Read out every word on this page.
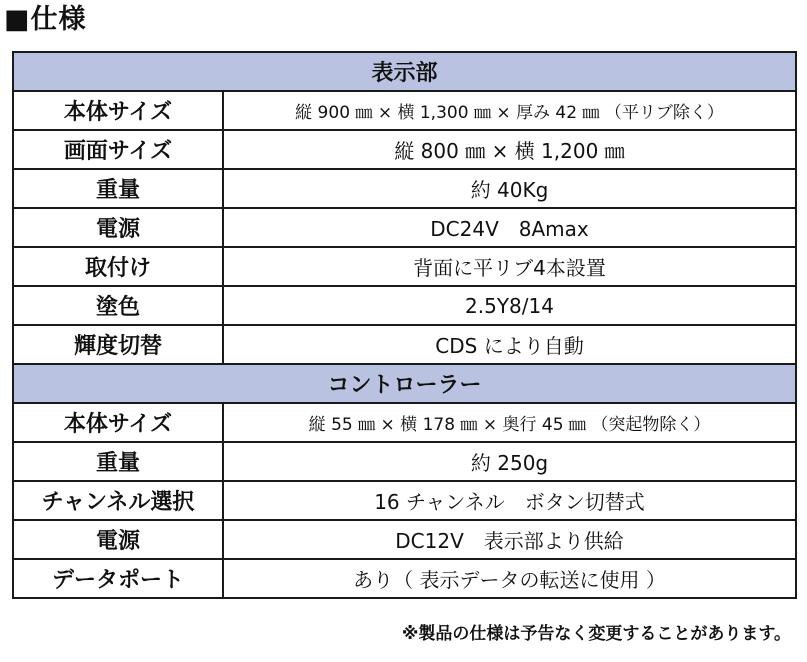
■仕様
表示部	
本体サイズ	縦 900 ㎜ × 横 1,300 ㎜ × 厚み 42 ㎜ （平リブ除く）
画面サイズ	縦 800 ㎜ × 横 1,200 ㎜
重量	約 40Kg
電源	DC24V　8Amax
取付け	背面に平リブ4本設置
塗色	2.5Y8/14
輝度切替	CDS により自動
コントローラー	
本体サイズ	縦 55 ㎜ × 横 178 ㎜ × 奥行 45 ㎜ （突起物除く）
重量	約 250g
チャンネル選択	16 チャンネル　ボタン切替式
電源	DC12V　表示部より供給
データポート	あり（ 表示データの転送に使用 ）
※製品の仕様は予告なく変更することがあります。
